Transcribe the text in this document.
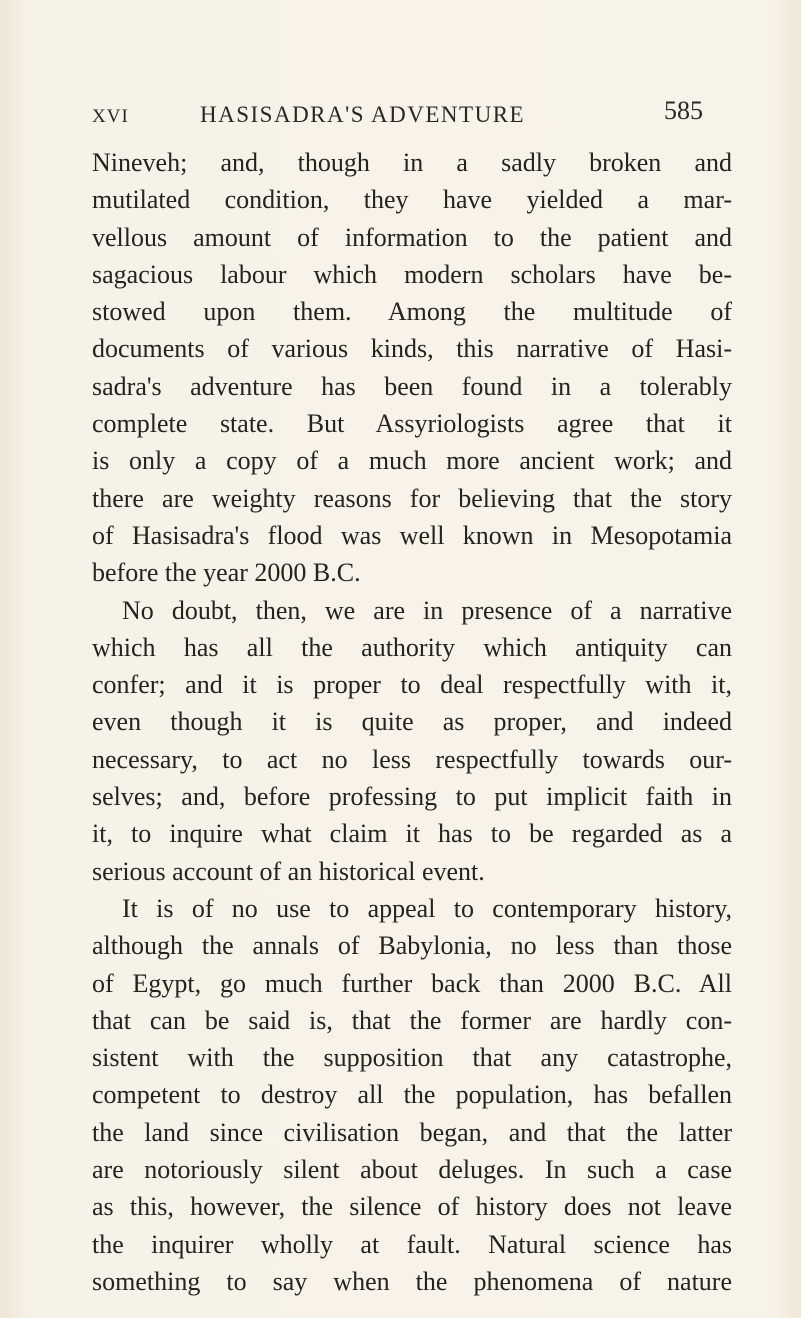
XVI	HASISADRA'S ADVENTURE	585
Nineveh; and, though in a sadly broken and
mutilated condition, they have yielded a mar-
vellous amount of information to the patient and
sagacious labour which modern scholars have be-
stowed upon them. Among the multitude of
documents of various kinds, this narrative of Hasi-
sadra's adventure has been found in a tolerably
complete state. But Assyriologists agree that it
is only a copy of a much more ancient work; and
there are weighty reasons for believing that the story
of Hasisadra's flood was well known in Mesopotamia
before the year 2000 B.C.
No doubt, then, we are in presence of a narrative
which has all the authority which antiquity can
confer; and it is proper to deal respectfully with it,
even though it is quite as proper, and indeed
necessary, to act no less respectfully towards our-
selves; and, before professing to put implicit faith in
it, to inquire what claim it has to be regarded as a
serious account of an historical event.
It is of no use to appeal to contemporary history,
although the annals of Babylonia, no less than those
of Egypt, go much further back than 2000 B.C. All
that can be said is, that the former are hardly con-
sistent with the supposition that any catastrophe,
competent to destroy all the population, has befallen
the land since civilisation began, and that the latter
are notoriously silent about deluges. In such a case
as this, however, the silence of history does not leave
the inquirer wholly at fault. Natural science has
something to say when the phenomena of nature
